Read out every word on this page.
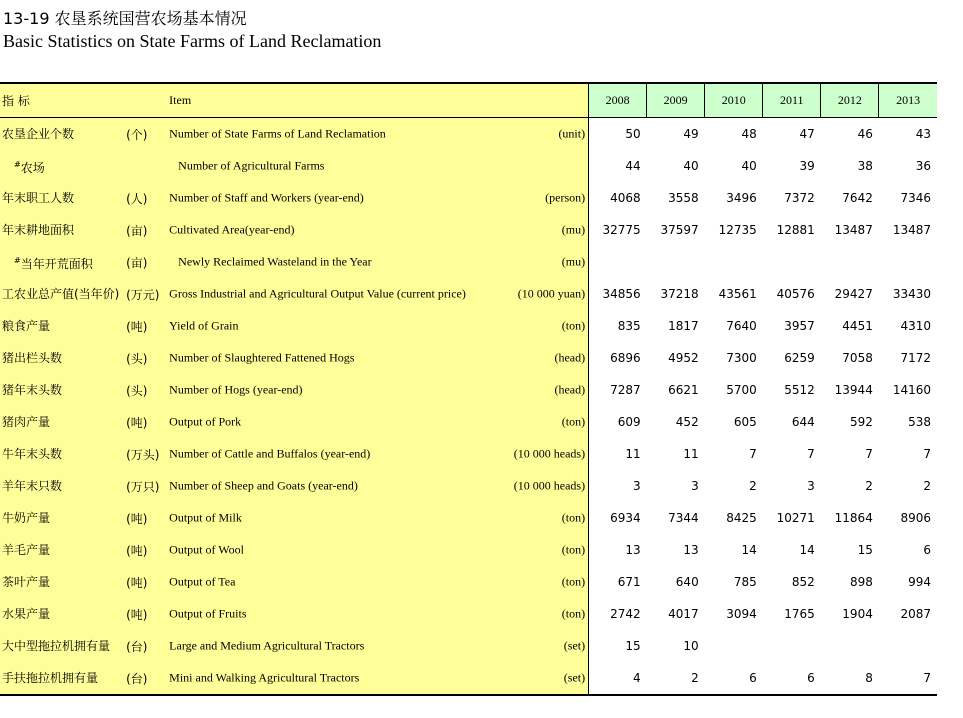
13-19 农垦系统国营农场基本情况
Basic Statistics on State Farms of Land Reclamation
指 标		Item	2008	2009	2010	2011	2012	2013
农垦企业个数	(个)	Number of State Farms of Land Reclamation (unit)	50	49	48	47	46	43
#农场		Number of Agricultural Farms	44	40	40	39	38	36
年末职工人数	(人)	Number of Staff and Workers (year-end) (person)	4068	3558	3496	7372	7642	7346
年末耕地面积	(亩)	Cultivated Area(year-end) (mu)	32775	37597	12735	12881	13487	13487
#当年开荒面积	(亩)	Newly Reclaimed Wasteland in the Year (mu)						

工农业总产值(当年价)	(万元)	Gross Industrial and Agricultural Output Value (current price) (10 000 yuan)	34856	37218	43561	40576	29427	33430
粮食产量	(吨)	Yield of Grain (ton)	835	1817	7640	3957	4451	4310
猪出栏头数	(头)	Number of Slaughtered Fattened Hogs (head)	6896	4952	7300	6259	7058	7172
猪年末头数	(头)	Number of Hogs (year-end) (head)	7287	6621	5700	5512	13944	14160
猪肉产量	(吨)	Output of Pork (ton)	609	452	605	644	592	538
牛年末头数	(万头)	Number of Cattle and Buffalos (year-end) (10 000 heads)	11	11	7	7	7	7
羊年末只数	(万只)	Number of Sheep and Goats (year-end) (10 000 heads)	3	3	2	3	2	2
牛奶产量	(吨)	Output of Milk (ton)	6934	7344	8425	10271	11864	8906
羊毛产量	(吨)	Output of Wool (ton)	13	13	14	14	15	6
茶叶产量	(吨)	Output of Tea (ton)	671	640	785	852	898	994
水果产量	(吨)	Output of Fruits (ton)	2742	4017	3094	1765	1904	2087
大中型拖拉机拥有量	(台)	Large and Medium Agricultural Tractors (set)	15	10				
手扶拖拉机拥有量	(台)	Mini and Walking Agricultural Tractors (set)	4	2	6	6	8	7
